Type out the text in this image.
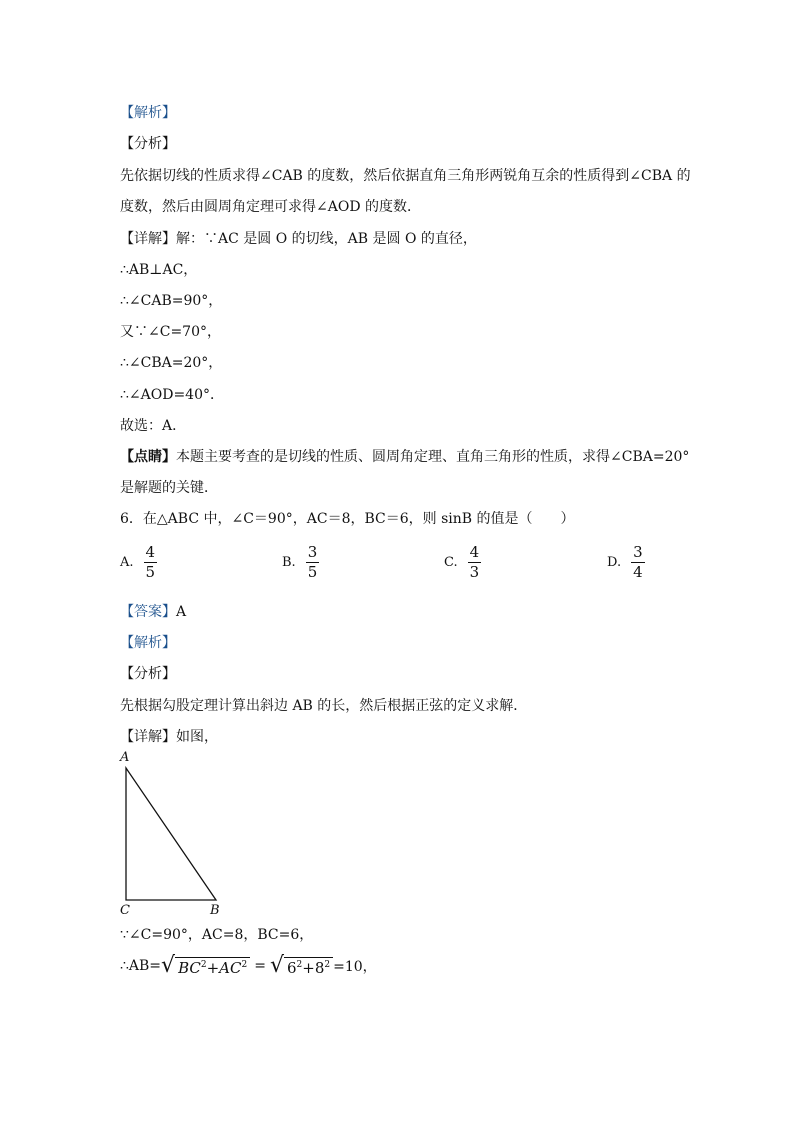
【解析】
【分析】
先依据切线的性质求得∠CAB 的度数，然后依据直角三角形两锐角互余的性质得到∠CBA 的
度数，然后由圆周角定理可求得∠AOD 的度数．
【详解】解：∵AC 是圆 O 的切线，AB 是圆 O 的直径，
∴AB⊥AC，
∴∠CAB=90°，
又∵∠C=70°，
∴∠CBA=20°，
∴∠AOD=40°．
故选：A．
【点睛】本题主要考查的是切线的性质、圆周角定理、直角三角形的性质，求得∠CBA=20°
是解题的关键．
6．在△ABC 中，∠C＝90°，AC＝8，BC＝6，则 sinB 的值是（　　）
A. $\frac{4}{5}$	B. $\frac{3}{5}$	C. $\frac{4}{3}$	D. $\frac{3}{4}$
【答案】A
【解析】
【分析】
先根据勾股定理计算出斜边 AB 的长，然后根据正弦的定义求解．
【详解】如图，
A
C	B
∵∠C=90°，AC=8，BC=6，
∴AB= √ $BC^2+AC^2$ = √ $6^2+8^2 =10$，
